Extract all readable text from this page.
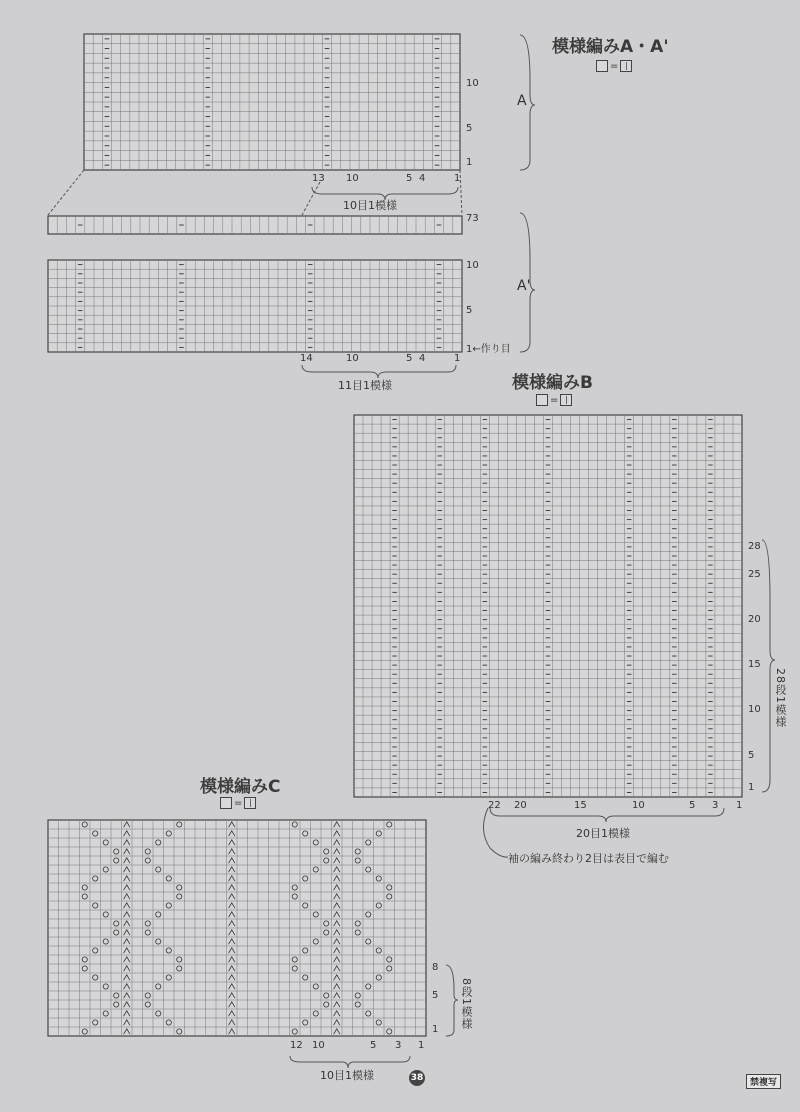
模様編みA・A'
= |
A
10
5
1
13 10	5 4	1
10目1模様
A'
73
10
5
1←作り目
14	10	5 4	1
11目1模様	模様編みB
= |
28
25
20
15
10
5
1
28段1模様
22 20	15	10	5 3 1
20目1模様
袖の編み終わり2目は表目で編む
模様編みC
= |
8
5
1 8段1模様
12 10	5 3 1
10目1模様	38	禁複写
